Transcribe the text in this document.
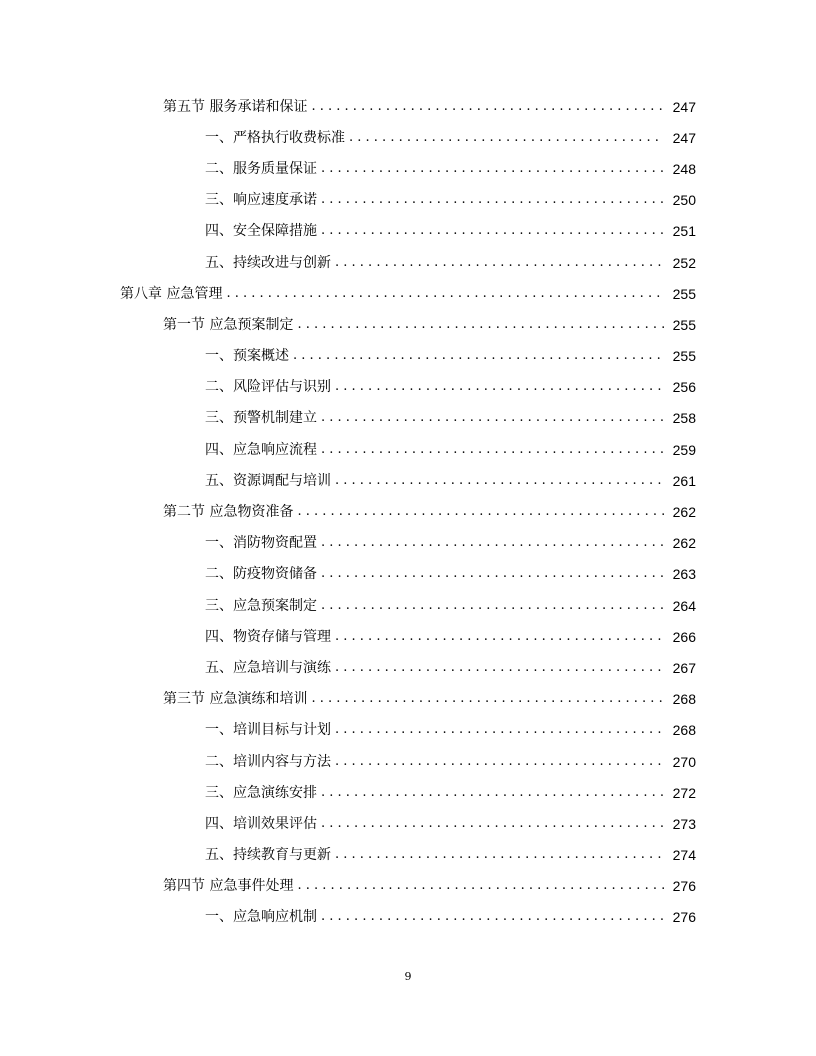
第五节 服务承诺和保证 . . .	247
一、严格执行收费标准 . . .	247
二、服务质量保证 . . .	248
三、响应速度承诺 . . .	250
四、安全保障措施 . . .	251
五、持续改进与创新 . . .	252
第八章 应急管理 . . .	255
第一节 应急预案制定 . . .	255
一、预案概述 . . .	255
二、风险评估与识别 . . .	256
三、预警机制建立 . . .	258
四、应急响应流程 . . .	259
五、资源调配与培训 . . .	261
第二节 应急物资准备 . . .	262
一、消防物资配置 . . .	262
二、防疫物资储备 . . .	263
三、应急预案制定 . . .	264
四、物资存储与管理 . . .	266
五、应急培训与演练 . . .	267
第三节 应急演练和培训 . . .	268
一、培训目标与计划 . . .	268
二、培训内容与方法 . . .	270
三、应急演练安排 . . .	272
四、培训效果评估 . . .	273
五、持续教育与更新 . . .	274
第四节 应急事件处理 . . .	276
一、应急响应机制 . . .	276
9
